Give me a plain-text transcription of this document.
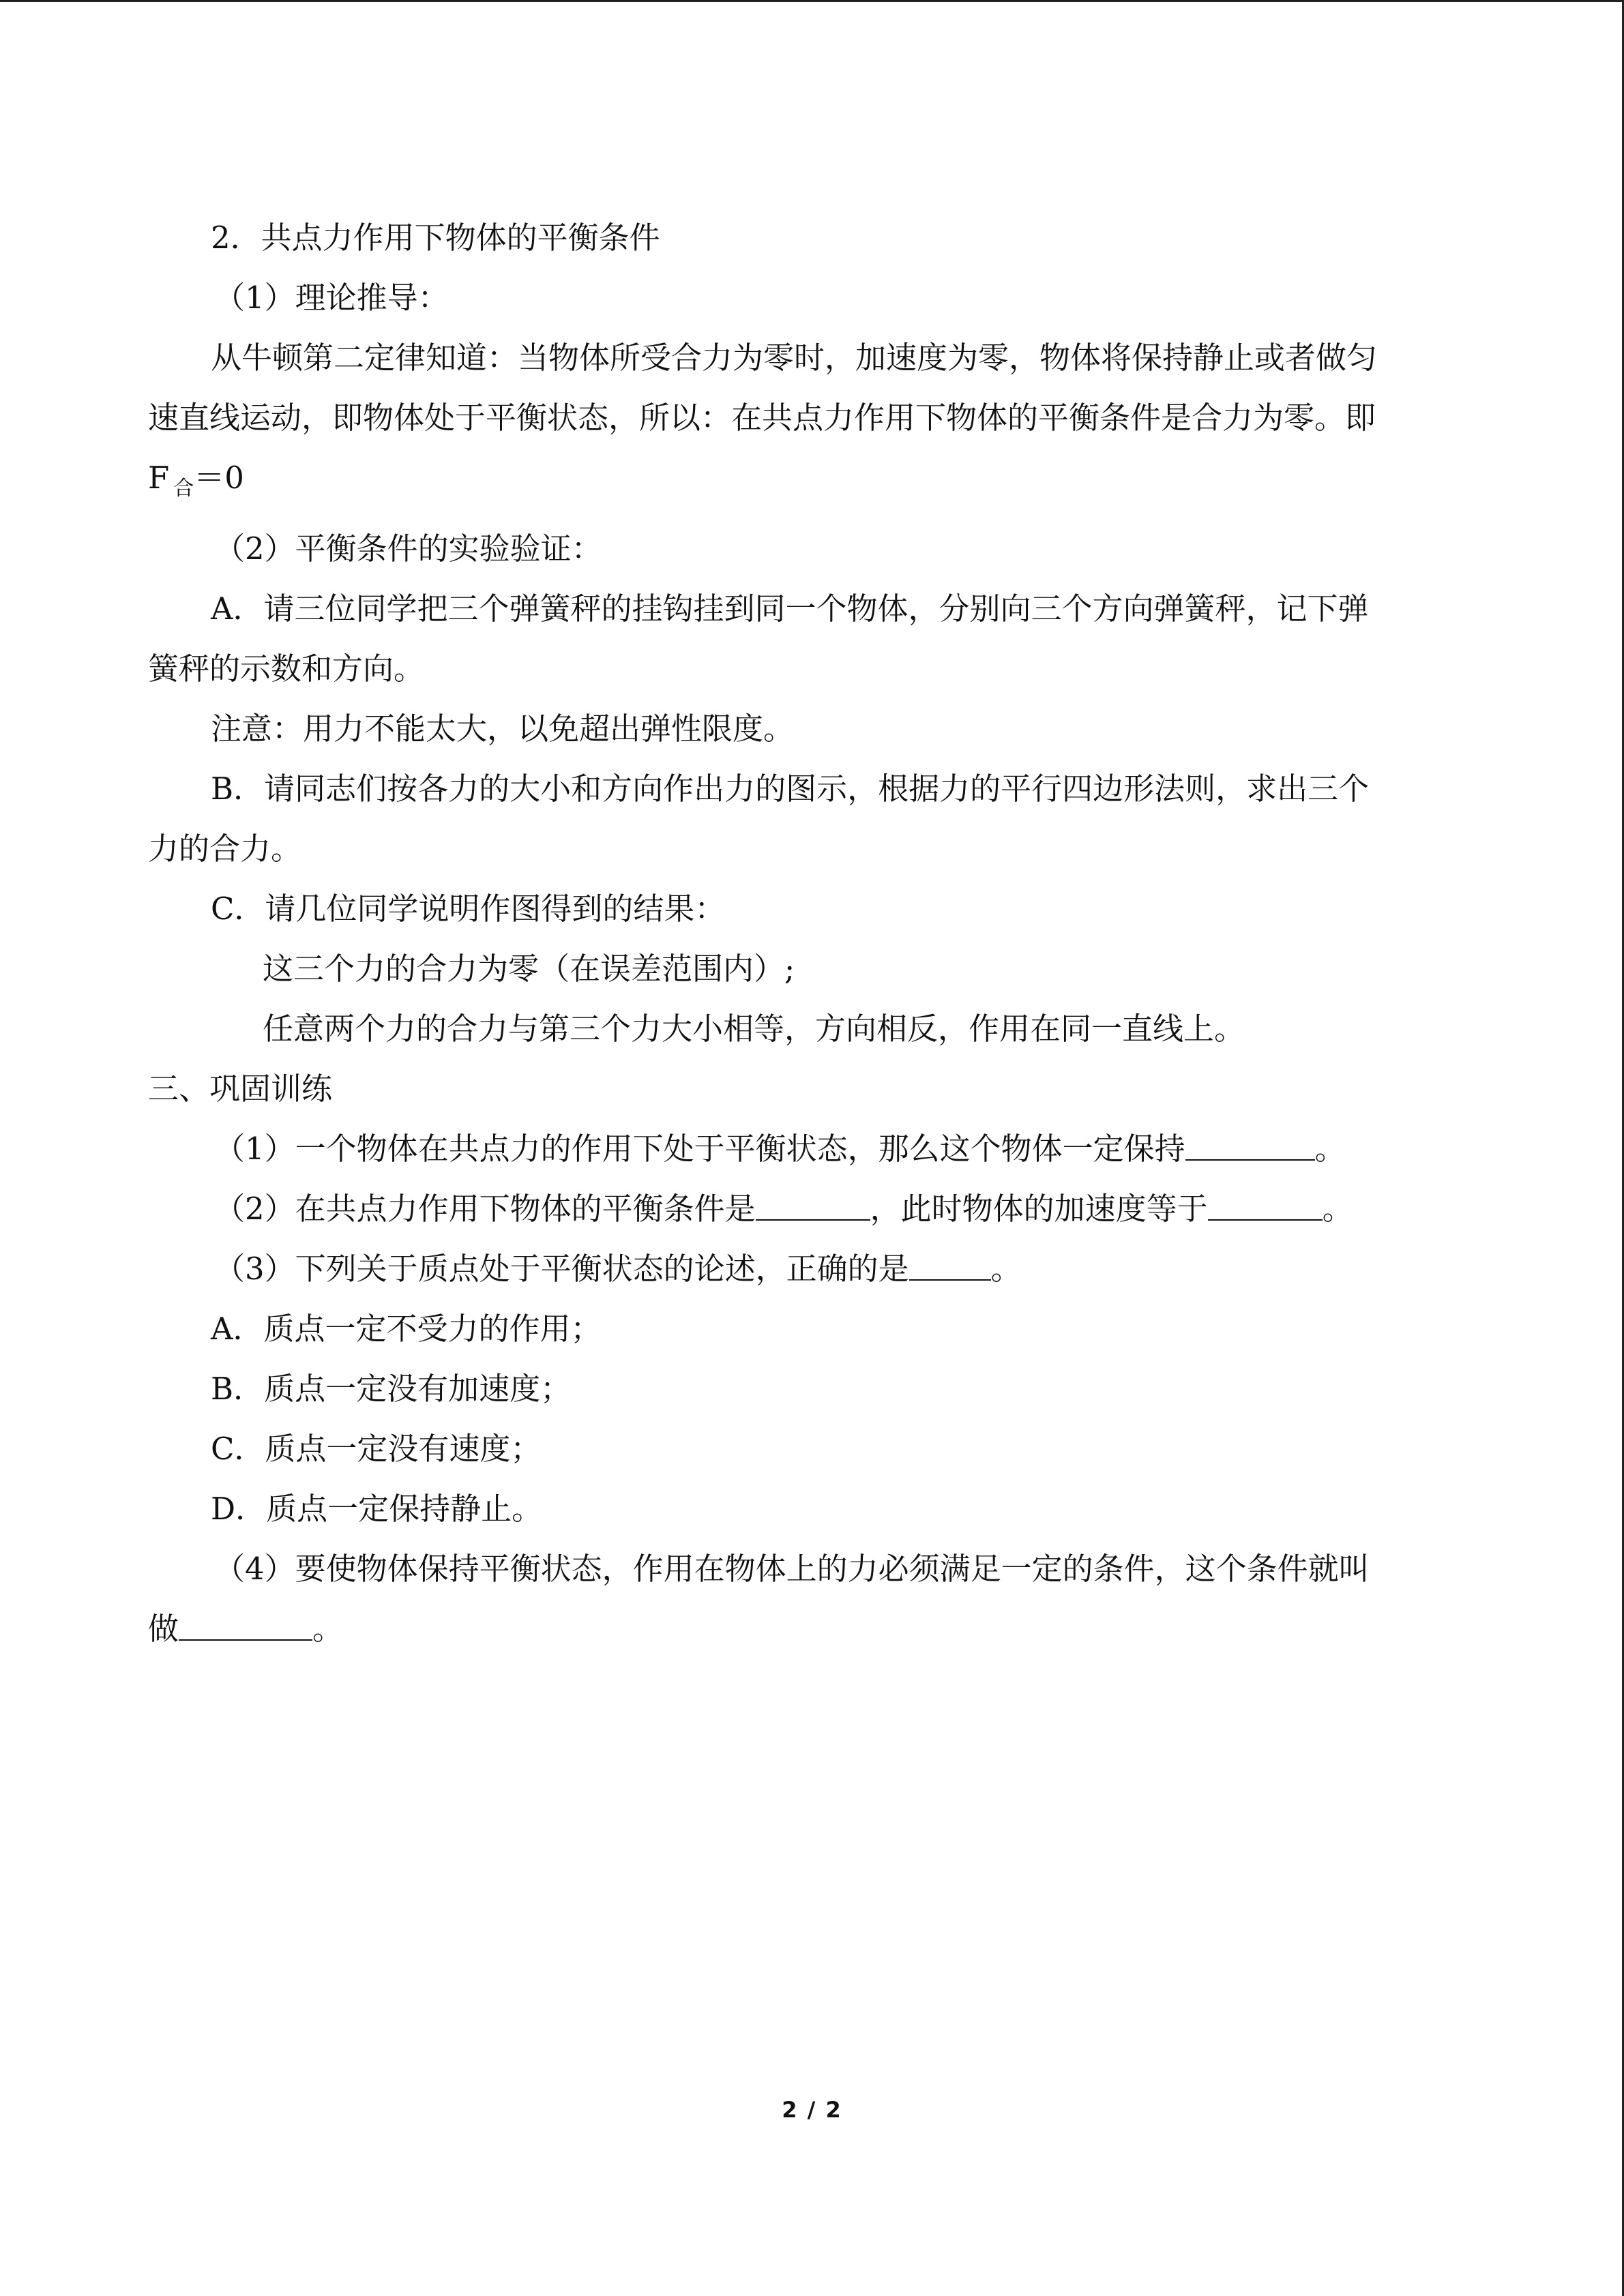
2．共点力作用下物体的平衡条件

（1）理论推导：

从牛顿第二定律知道：当物体所受合力为零时，加速度为零，物体将保持静止或者做匀

速直线运动，即物体处于平衡状态，所以：在共点力作用下物体的平衡条件是合力为零。即

F $_合$＝0

（2）平衡条件的实验验证：

A．请三位同学把三个弹簧秤的挂钩挂到同一个物体，分别向三个方向弹簧秤，记下弹

簧秤的示数和方向。

注意：用力不能太大，以免超出弹性限度。

B．请同志们按各力的大小和方向作出力的图示，根据力的平行四边形法则，求出三个

力的合力。

C．请几位同学说明作图得到的结果：

这三个力的合力为零（在误差范围内）;

任意两个力的合力与第三个力大小相等，方向相反，作用在同一直线上。

三、巩固训练

（1）一个物体在共点力的作用下处于平衡状态，那么这个物体一定保持	。

（2）在共点力作用下物体的平衡条件是	，此时物体的加速度等于	。

（3）下列关于质点处于平衡状态的论述，正确的是	。

A．质点一定不受力的作用；

B．质点一定没有加速度；

C．质点一定没有速度；

D．质点一定保持静止。

（4）要使物体保持平衡状态，作用在物体上的力必须满足一定的条件，这个条件就叫

做	。

2 / 2
